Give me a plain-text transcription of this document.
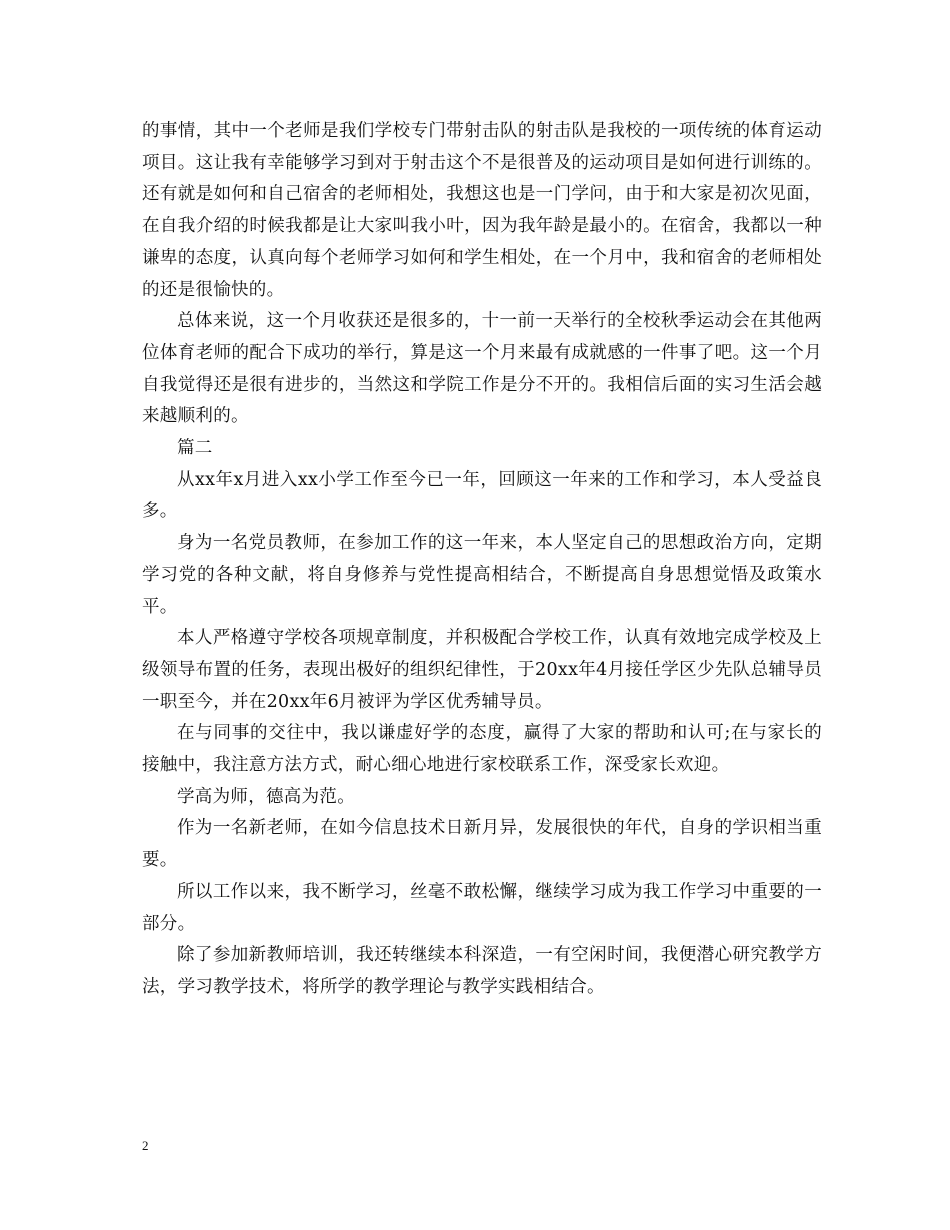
的事情，其中一个老师是我们学校专门带射击队的射击队是我校的一项传统的体育运动项目。这让我有幸能够学习到对于射击这个不是很普及的运动项目是如何进行训练的。还有就是如何和自己宿舍的老师相处，我想这也是一门学问，由于和大家是初次见面，在自我介绍的时候我都是让大家叫我小叶，因为我年龄是最小的。在宿舍，我都以一种谦卑的态度，认真向每个老师学习如何和学生相处，在一个月中，我和宿舍的老师相处的还是很愉快的。

总体来说，这一个月收获还是很多的，十一前一天举行的全校秋季运动会在其他两位体育老师的配合下成功的举行，算是这一个月来最有成就感的一件事了吧。这一个月自我觉得还是很有进步的，当然这和学院工作是分不开的。我相信后面的实习生活会越来越顺利的。

篇二

从xx年x月进入xx小学工作至今已一年，回顾这一年来的工作和学习，本人受益良多。

身为一名党员教师，在参加工作的这一年来，本人坚定自己的思想政治方向，定期学习党的各种文献，将自身修养与党性提高相结合，不断提高自身思想觉悟及政策水平。

本人严格遵守学校各项规章制度，并积极配合学校工作，认真有效地完成学校及上级领导布置的任务，表现出极好的组织纪律性，于20xx年4月接任学区少先队总辅导员一职至今，并在20xx年6月被评为学区优秀辅导员。

在与同事的交往中，我以谦虚好学的态度，赢得了大家的帮助和认可;在与家长的接触中，我注意方法方式，耐心细心地进行家校联系工作，深受家长欢迎。

学高为师，德高为范。

作为一名新老师，在如今信息技术日新月异，发展很快的年代，自身的学识相当重要。

所以工作以来，我不断学习，丝毫不敢松懈，继续学习成为我工作学习中重要的一部分。

除了参加新教师培训，我还转继续本科深造，一有空闲时间，我便潜心研究教学方法，学习教学技术，将所学的教学理论与教学实践相结合。

2
